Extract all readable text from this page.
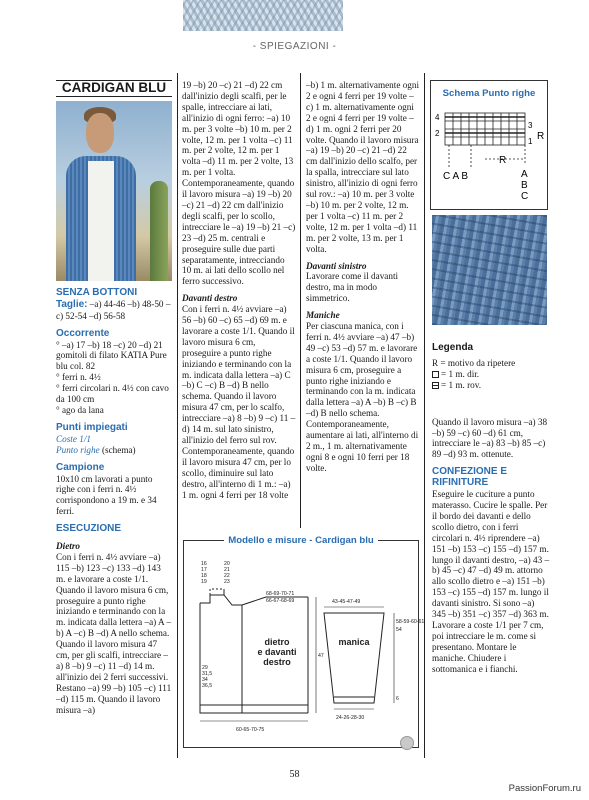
- SPIEGAZIONI -
CARDIGAN BLU
SENZA BOTTONI

Taglie: –a) 44-46 –b) 48-50 –c) 52-54 –d) 56-58

Occorrente

° –a) 17 –b) 18 –c) 20 –d) 21 gomitoli di filato KATIA Pure blu col. 82

° ferri n. 4½

° ferri circolari n. 4½ con cavo da 100 cm

° ago da lana

Punti impiegati

Coste 1/1

Punto righe (schema)

Campione

10x10 cm lavorati a punto righe con i ferri n. 4½ corrispondono a 19 m. e 34 ferri.

ESECUZIONE
Dietro

Con i ferri n. 4½ avviare –a) 115 –b) 123 –c) 133 –d) 143 m. e lavorare a coste 1/1. Quando il lavoro misura 6 cm, proseguire a punto righe iniziando e terminando con la m. indicata dalla lettera –a) A –b) A –c) B –d) A nello schema. Quando il lavoro misura 47 cm, per gli scalfi, intrecciare –a) 8 –b) 9 –c) 11 –d) 14 m. all'inizio dei 2 ferri successivi. Restano –a) 99 –b) 105 –c) 111 –d) 115 m. Quando il lavoro misura –a)

19 –b) 20 –c) 21 –d) 22 cm dall'inizio degli scalfi, per le spalle, intrecciare ai lati, all'inizio di ogni ferro: –a) 10 m. per 3 volte –b) 10 m. per 2 volte, 12 m. per 1 volta –c) 11 m. per 2 volte, 12 m. per 1 volta –d) 11 m. per 2 volte, 13 m. per 1 volta. Contemporaneamente, quando il lavoro misura –a) 19 –b) 20 –c) 21 –d) 22 cm dall'inizio degli scalfi, per lo scollo, intrecciare le –a) 19 –b) 21 –c) 23 –d) 25 m. centrali e proseguire sulle due parti separatamente, intrecciando 10 m. ai lati dello scollo nel ferro successivo.

Davanti destro

Con i ferri n. 4½ avviare –a) 56 –b) 60 –c) 65 –d) 69 m. e lavorare a coste 1/1. Quando il lavoro misura 6 cm, proseguire a punto righe iniziando e terminando con la m. indicata dalla lettera –a) C –b) C –c) B –d) B nello schema. Quando il lavoro misura 47 cm, per lo scalfo, intrecciare –a) 8 –b) 9 –c) 11 –d) 14 m. sul lato sinistro, all'inizio del ferro sul rov. Contemporaneamente, quando il lavoro misura 47 cm, per lo scollo, diminuire sul lato destro, all'interno di 1 m.: –a) 1 m. ogni 4 ferri per 18 volte

–b) 1 m. alternativamente ogni 2 e ogni 4 ferri per 19 volte –c) 1 m. alternativamente ogni 2 e ogni 4 ferri per 19 volte –d) 1 m. ogni 2 ferri per 20 volte. Quando il lavoro misura –a) 19 –b) 20 –c) 21 –d) 22 cm dall'inizio dello scalfo, per la spalla, intrecciare sul lato sinistro, all'inizio di ogni ferro sul rov.: –a) 10 m. per 3 volte –b) 10 m. per 2 volte, 12 m. per 1 volta –c) 11 m. per 2 volte, 12 m. per 1 volta –d) 11 m. per 2 volte, 13 m. per 1 volta.

Davanti sinistro

Lavorare come il davanti destro, ma in modo simmetrico.

Maniche

Per ciascuna manica, con i ferri n. 4½ avviare –a) 47 –b) 49 –c) 53 –d) 57 m. e lavorare a coste 1/1. Quando il lavoro misura 6 cm, proseguire a punto righe iniziando e terminando con la m. indicata dalla lettera –a) A –b) B –c) B –d) B nello schema. Contemporaneamente, aumentare ai lati, all'interno di 2 m., 1 m. alternativamente ogni 8 e ogni 10 ferri per 18 volte.

Schema Punto righe
4
2
3
1 R
R
C A B	A
B
C
Legenda

R = motivo da ripetere

= 1 m. dir.

= 1 m. rov.

Quando il lavoro misura –a) 38 –b) 59 –c) 60 –d) 61 cm, intrecciare le –a) 83 –b) 85 –c) 89 –d) 93 m. ottenute.

CONFEZIONE E RIFINITURE

Eseguire le cuciture a punto materasso. Cucire le spalle. Per il bordo dei davanti e dello scollo dietro, con i ferri circolari n. 4½ riprendere –a) 151 –b) 153 –c) 155 –d) 157 m. lungo il davanti destro, –a) 43 –b) 45 –c) 47 –d) 49 m. attorno allo scollo dietro e –a) 151 –b) 153 –c) 155 –d) 157 m. lungo il davanti sinistro. Si sono –a) 345 –b) 351 –c) 357 –d) 363 m. Lavorare a coste 1/1 per 7 cm, poi intrecciare le m. come si presentano. Montare le maniche. Chiudere i sottomanica e i fianchi.

Modello e misure - Cardigan blu
16
17
18
19
20
21
22
23
68-69-70-71
66-67-68-69
47
29
31,5
34
36,5
60-65-70-75
43-45-47-49
58-59-60-61
54
6
24-26-28-30
dietro
e davanti
destro
manica
58
PassionForum.ru
